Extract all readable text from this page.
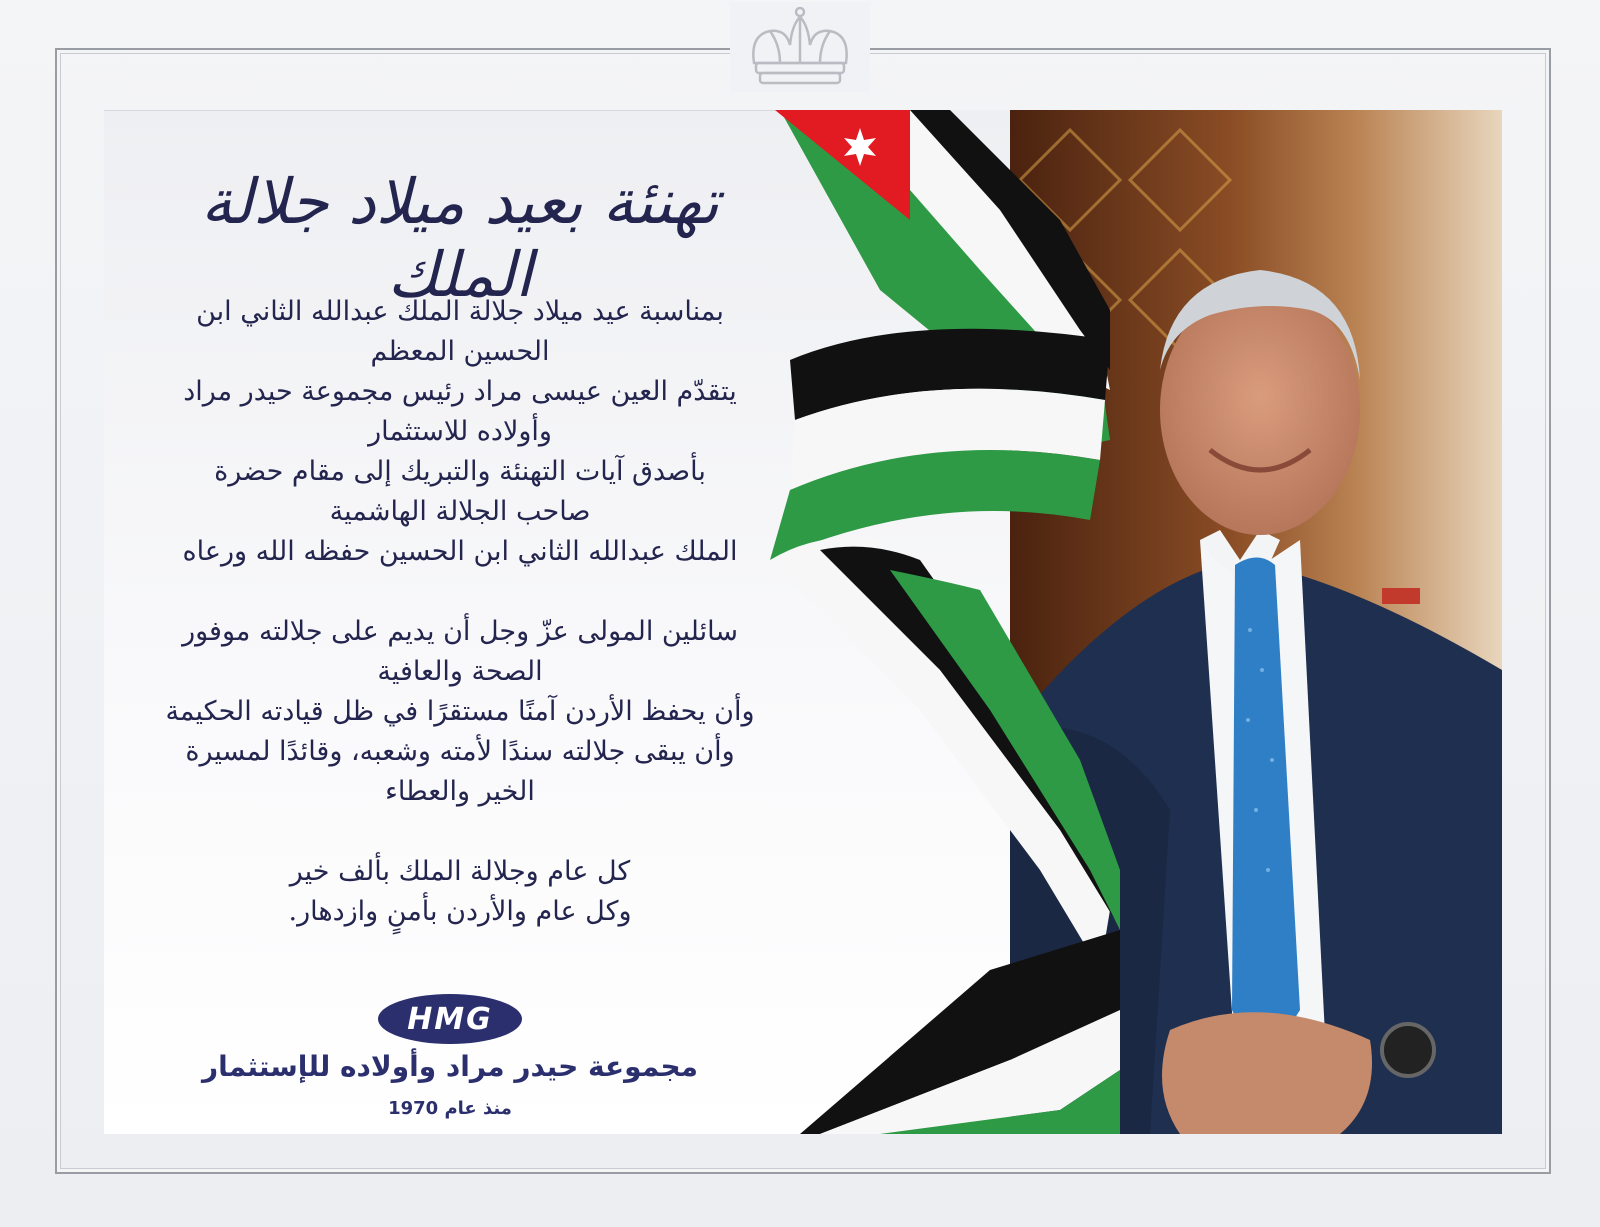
تهنئة بعيد ميلاد جلالة الملك
بمناسبة عيد ميلاد جلالة الملك عبدالله الثاني ابن
الحسين المعظم
يتقدّم العين عيسى مراد رئيس مجموعة حيدر مراد
وأولاده للاستثمار
بأصدق آيات التهنئة والتبريك إلى مقام حضرة
صاحب الجلالة الهاشمية
الملك عبدالله الثاني ابن الحسين حفظه الله ورعاه
سائلين المولى عزّ وجل أن يديم على جلالته موفور
الصحة والعافية
وأن يحفظ الأردن آمنًا مستقرًا في ظل قيادته الحكيمة
وأن يبقى جلالته سندًا لأمته وشعبه، وقائدًا لمسيرة
الخير والعطاء
كل عام وجلالة الملك بألف خير
وكل عام والأردن بأمنٍ وازدهار.
HMG
مجموعة حيدر مراد وأولاده للإستثمار
منذ عام 1970
